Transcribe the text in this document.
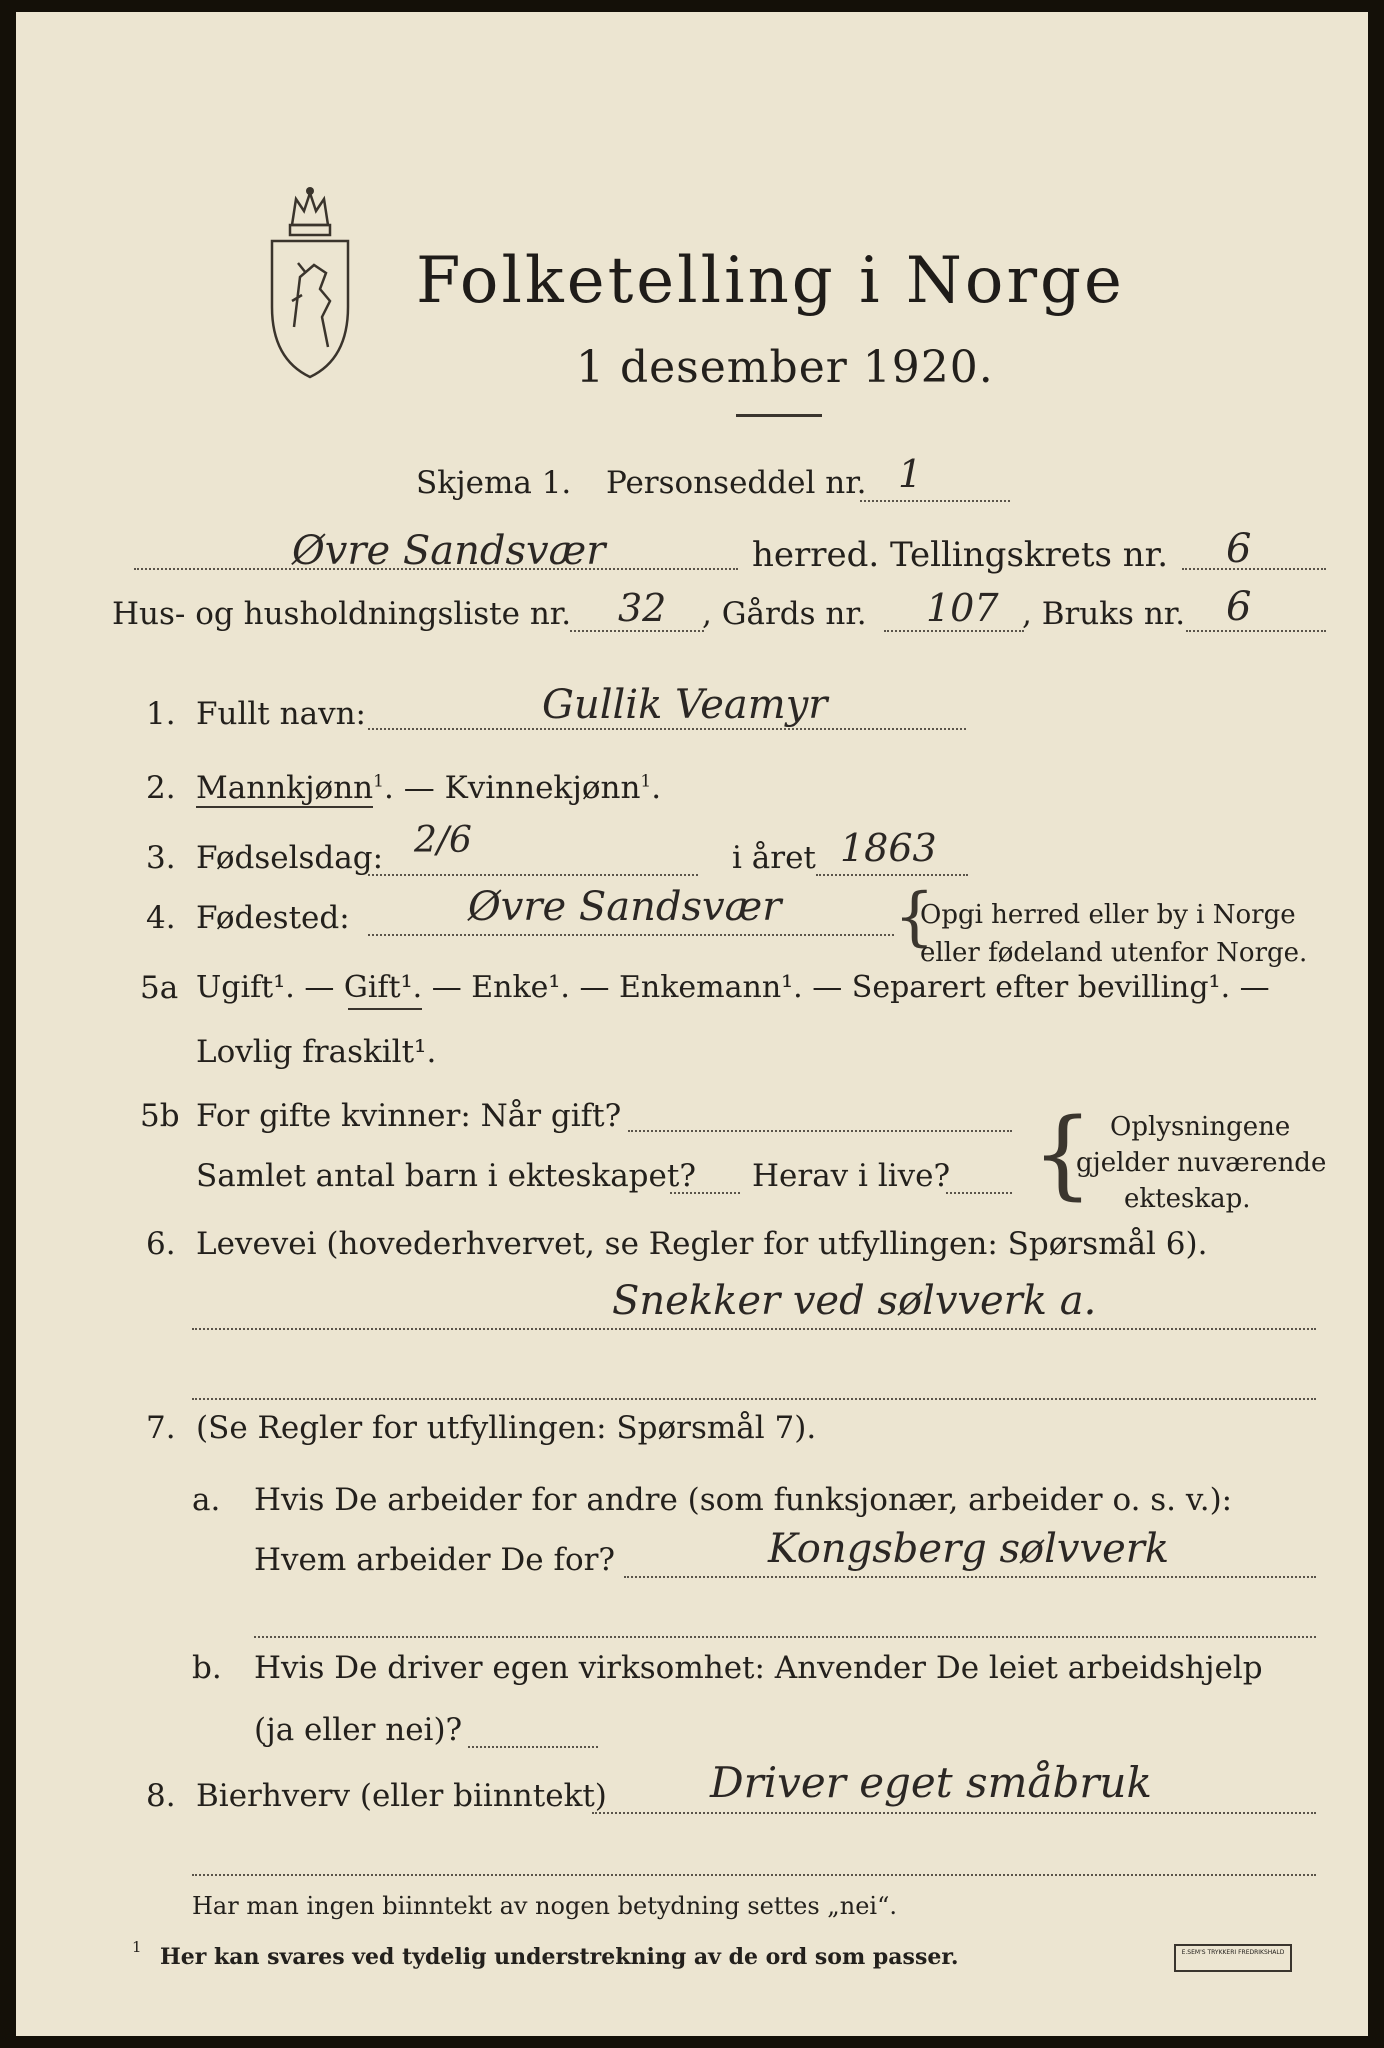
Folketelling i Norge
1 desember 1920.
Skjema 1. Personseddel nr. 1
Øvre Sandsvær	herred. Tellingskrets nr. 6
Hus- og husholdningsliste nr. 32 , Gårds nr. 107 , Bruks nr. 6
1. Fullt navn:	Gullik Veamyr
2. Mannkjønn$^1$. — Kvinnekjønn$^1$.
3. Fødselsdag: 2/6	i året 1863
4. Fødested:	Øvre Sandsvær {
Opgi herred eller by i Norge
eller fødeland utenfor Norge.
5a Ugift¹. — Gift¹. — Enke¹. — Enkemann¹. — Separert efter bevilling¹. —
Lovlig fraskilt¹.
5b For gifte kvinner: Når gift?
Samlet antal barn i ekteskapet? Herav i live? { Oplysningene
gjelder nuværende
ekteskap.
6. Levevei (hovederhvervet, se Regler for utfyllingen: Spørsmål 6).
Snekker ved sølvverk a.
7. (Se Regler for utfyllingen: Spørsmål 7).
a. Hvis De arbeider for andre (som funksjonær, arbeider o. s. v.):
Hvem arbeider De for?	Kongsberg sølvverk
b. Hvis De driver egen virksomhet: Anvender De leiet arbeidshjelp
(ja eller nei)?
8. Bierhverv (eller biinntekt) Driver eget småbruk
Har man ingen biinntekt av nogen betydning settes „nei“.
1 Her kan svares ved tydelig understrekning av de ord som passer.	E.SEM'S TRYKKERI FREDRIKSHALD
